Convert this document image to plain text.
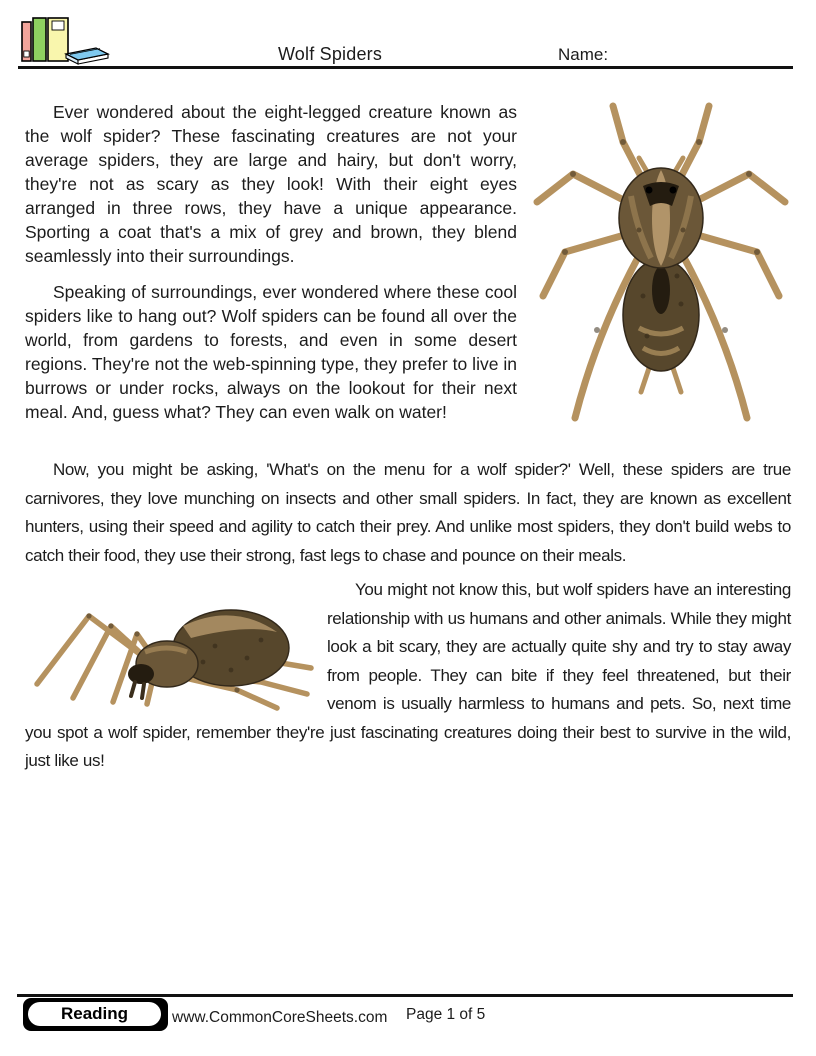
Wolf Spiders	Name:

Ever wondered about the eight-legged creature known as the wolf spider? These fascinating creatures are not your average spiders, they are large and hairy, but don't worry, they're not as scary as they look! With their eight eyes arranged in three rows, they have a unique appearance. Sporting a coat that's a mix of grey and brown, they blend seamlessly into their surroundings.

Speaking of surroundings, ever wondered where these cool spiders like to hang out? Wolf spiders can be found all over the world, from gardens to forests, and even in some desert regions. They're not the web-spinning type, they prefer to live in burrows or under rocks, always on the lookout for their next meal. And, guess what? They can even walk on water!

Now, you might be asking, 'What's on the menu for a wolf spider?' Well, these spiders are true carnivores, they love munching on insects and other small spiders. In fact, they are known as excellent hunters, using their speed and agility to catch their prey. And unlike most spiders, they don't build webs to catch their food, they use their strong, fast legs to chase and pounce on their meals.

You might not know this, but wolf spiders have an interesting relationship with us humans and other animals. While they might look a bit scary, they are actually quite shy and try to stay away from people. They can bite if they feel threatened, but their venom is usually harmless to humans and pets. So, next time you spot a wolf spider, remember they're just fascinating creatures doing their best to survive in the wild, just like us!

Reading	www.CommonCoreSheets.com Page 1 of 5
